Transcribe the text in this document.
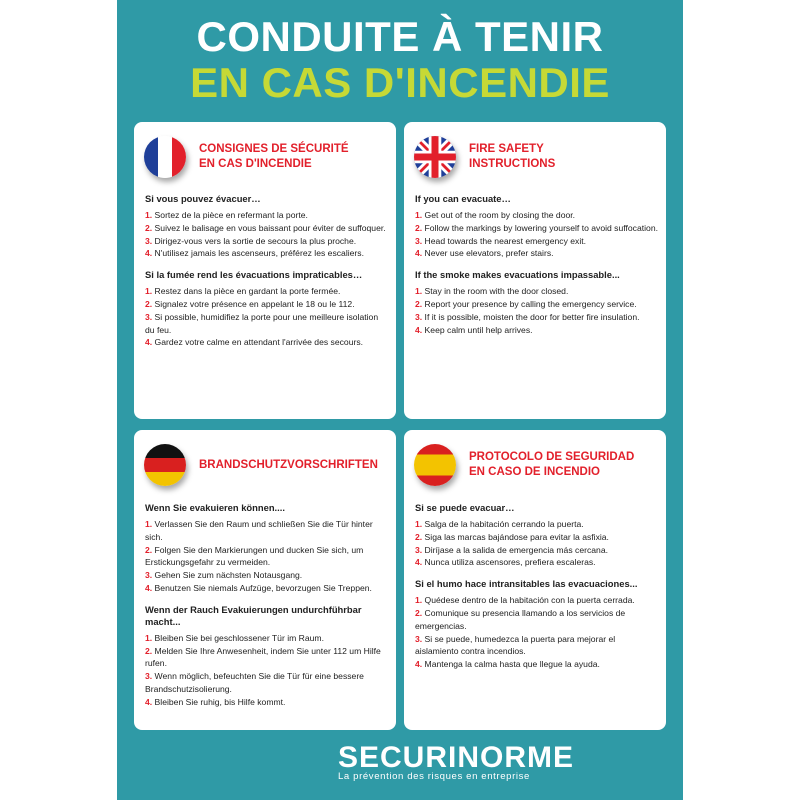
CONDUITE À TENIR
EN CAS D'INCENDIE
CONSIGNES DE SÉCURITÉ
EN CAS D'INCENDIE
Si vous pouvez évacuer…
1. Sortez de la pièce en refermant la porte.
2. Suivez le balisage en vous baissant pour éviter de suffoquer.
3. Dirigez-vous vers la sortie de secours la plus proche.
4. N'utilisez jamais les ascenseurs, préférez les escaliers.
Si la fumée rend les évacuations impraticables…
1. Restez dans la pièce en gardant la porte fermée.
2. Signalez votre présence en appelant le 18 ou le 112.
3. Si possible, humidifiez la porte pour une meilleure isolation du feu.
4. Gardez votre calme en attendant l'arrivée des secours.
FIRE SAFETY
INSTRUCTIONS
If you can evacuate…
1. Get out of the room by closing the door.
2. Follow the markings by lowering yourself to avoid suffocation.
3. Head towards the nearest emergency exit.
4. Never use elevators, prefer stairs.
If the smoke makes evacuations impassable...
1. Stay in the room with the door closed.
2. Report your presence by calling the emergency service.
3. If it is possible, moisten the door for better fire insulation.
4. Keep calm until help arrives.
BRANDSCHUTZVORSCHRIFTEN
Wenn Sie evakuieren können....
1. Verlassen Sie den Raum und schließen Sie die Tür hinter sich.
2. Folgen Sie den Markierungen und ducken Sie sich, um Erstickungsgefahr zu vermeiden.
3. Gehen Sie zum nächsten Notausgang.
4. Benutzen Sie niemals Aufzüge, bevorzugen Sie Treppen.
Wenn der Rauch Evakuierungen undurchführbar macht...
1. Bleiben Sie bei geschlossener Tür im Raum.
2. Melden Sie Ihre Anwesenheit, indem Sie unter 112 um Hilfe rufen.
3. Wenn möglich, befeuchten Sie die Tür für eine bessere Brandschutzisolierung.
4. Bleiben Sie ruhig, bis Hilfe kommt.
PROTOCOLO DE SEGURIDAD
EN CASO DE INCENDIO
Si se puede evacuar…
1. Salga de la habitación cerrando la puerta.
2. Siga las marcas bajándose para evitar la asfixia.
3. Diríjase a la salida de emergencia más cercana.
4. Nunca utiliza ascensores, prefiera escaleras.
Si el humo hace intransitables las evacuaciones...
1. Quédese dentro de la habitación con la puerta cerrada.
2. Comunique su presencia llamando a los servicios de emergencias.
3. Si se puede, humedezca la puerta para mejorar el aislamiento contra incendios.
4. Mantenga la calma hasta que llegue la ayuda.
SECURINORME
La prévention des risques en entreprise
